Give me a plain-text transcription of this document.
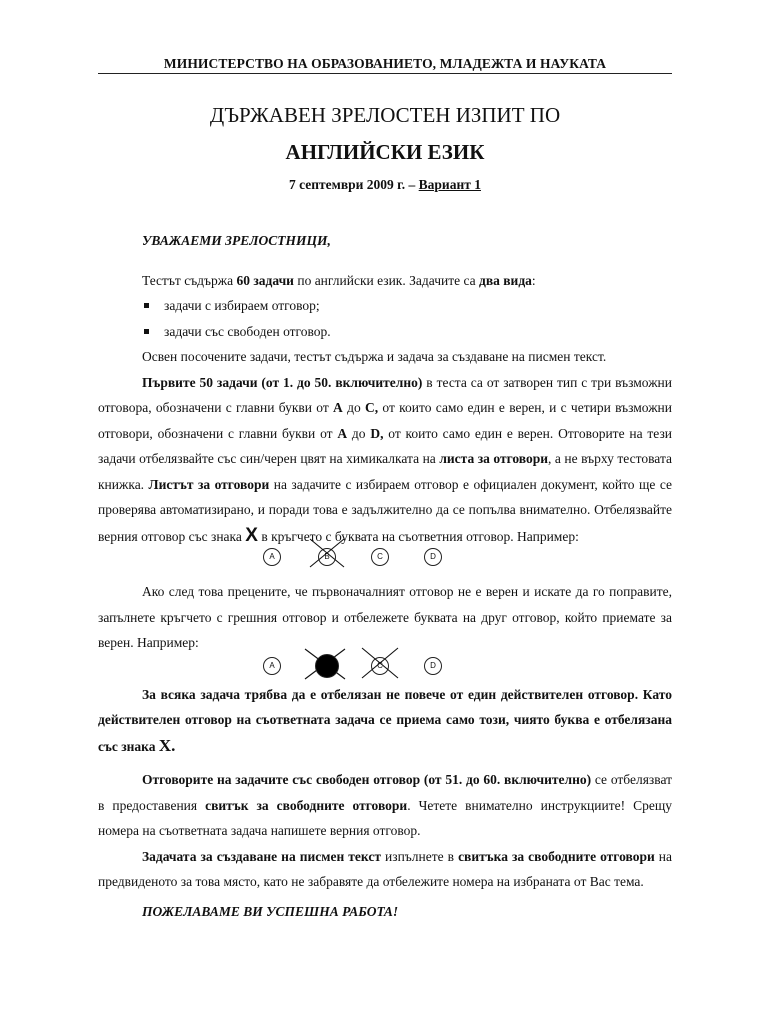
МИНИСТЕРСТВО НА ОБРАЗОВАНИЕТО, МЛАДЕЖТА И НАУКАТА
ДЪРЖАВЕН ЗРЕЛОСТЕН ИЗПИТ ПО
АНГЛИЙСКИ ЕЗИК
7 септември 2009 г. – Вариант 1
УВАЖАЕМИ ЗРЕЛОСТНИЦИ,

Тестът съдържа 60 задачи по английски език. Задачите са два вида:

задачи с избираем отговор;
задачи със свободен отговор.

Освен посочените задачи, тестът съдържа и задача за създаване на писмен текст.

Първите 50 задачи (от 1. до 50. включително) в теста са от затворен тип с три възможни отговора, обозначени с главни букви от А до С, от които само един е верен, и с четири възможни отговори, обозначени с главни букви от А до D, от които само един е верен. Отговорите на тези задачи отбелязвайте със син/черен цвят на химикалката на листа за отговори, а не върху тестовата книжка. Листът за отговори на задачите с избираем отговор е официален документ, който ще се проверява автоматизирано, и поради това е задължително да се попълва внимателно. Отбелязвайте верния отговор със знака X в кръгчето с буквата на съответния отговор. Например:

A	B	C	D

Ако след това прецените, че първоначалният отговор не е верен и искате да го поправите, запълнете кръгчето с грешния отговор и отбележете буквата на друг отговор, който приемате за верен. Например:

A	C	D

За всяка задача трябва да е отбелязан не повече от един действителен отговор. Като действителен отговор на съответната задача се приема само този, чиято буква е отбелязана със знака X.

Отговорите на задачите със свободен отговор (от 51. до 60. включително) се отбелязват в предоставения свитък за свободните отговори. Четете внимателно инструкциите! Срещу номера на съответната задача напишете верния отговор.

Задачата за създаване на писмен текст изпълнете в свитъка за свободните отговори на предвиденото за това място, като не забравяте да отбележите номера на избраната от Вас тема.

ПОЖЕЛАВАМЕ ВИ УСПЕШНА РАБОТА!
